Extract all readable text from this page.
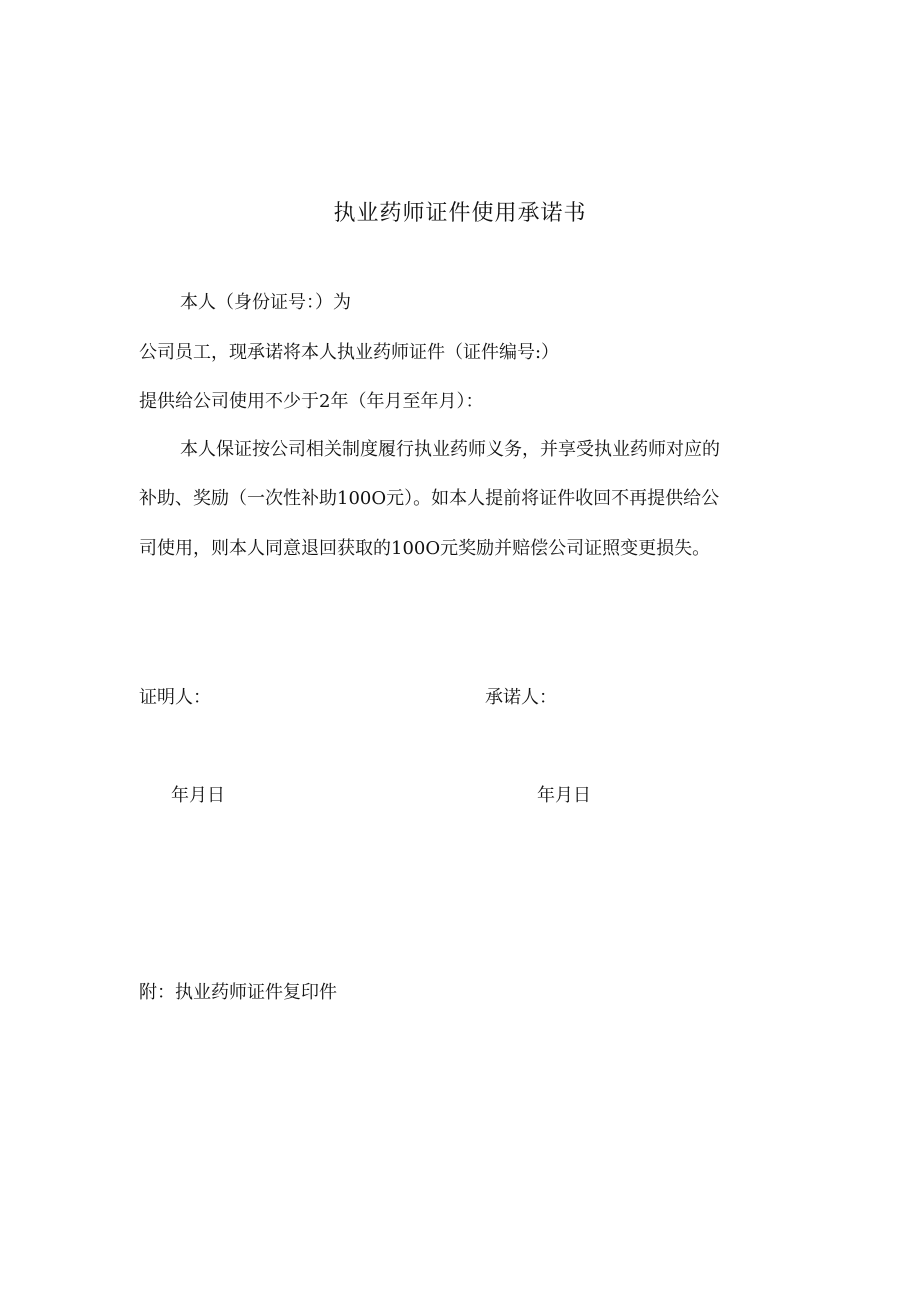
执业药师证件使用承诺书
本人（身份证号：）为
公司员工，现承诺将本人执业药师证件（证件编号:）
提供给公司使用不少于2年（年月至年月）：
本人保证按公司相关制度履行执业药师义务，并享受执业药师对应的
补助、奖励（一次性补助100O元）。如本人提前将证件收回不再提供给公
司使用，则本人同意退回获取的100O元奖励并赔偿公司证照变更损失。
证明人：	承诺人：
年月日	年月日
附：执业药师证件复印件
